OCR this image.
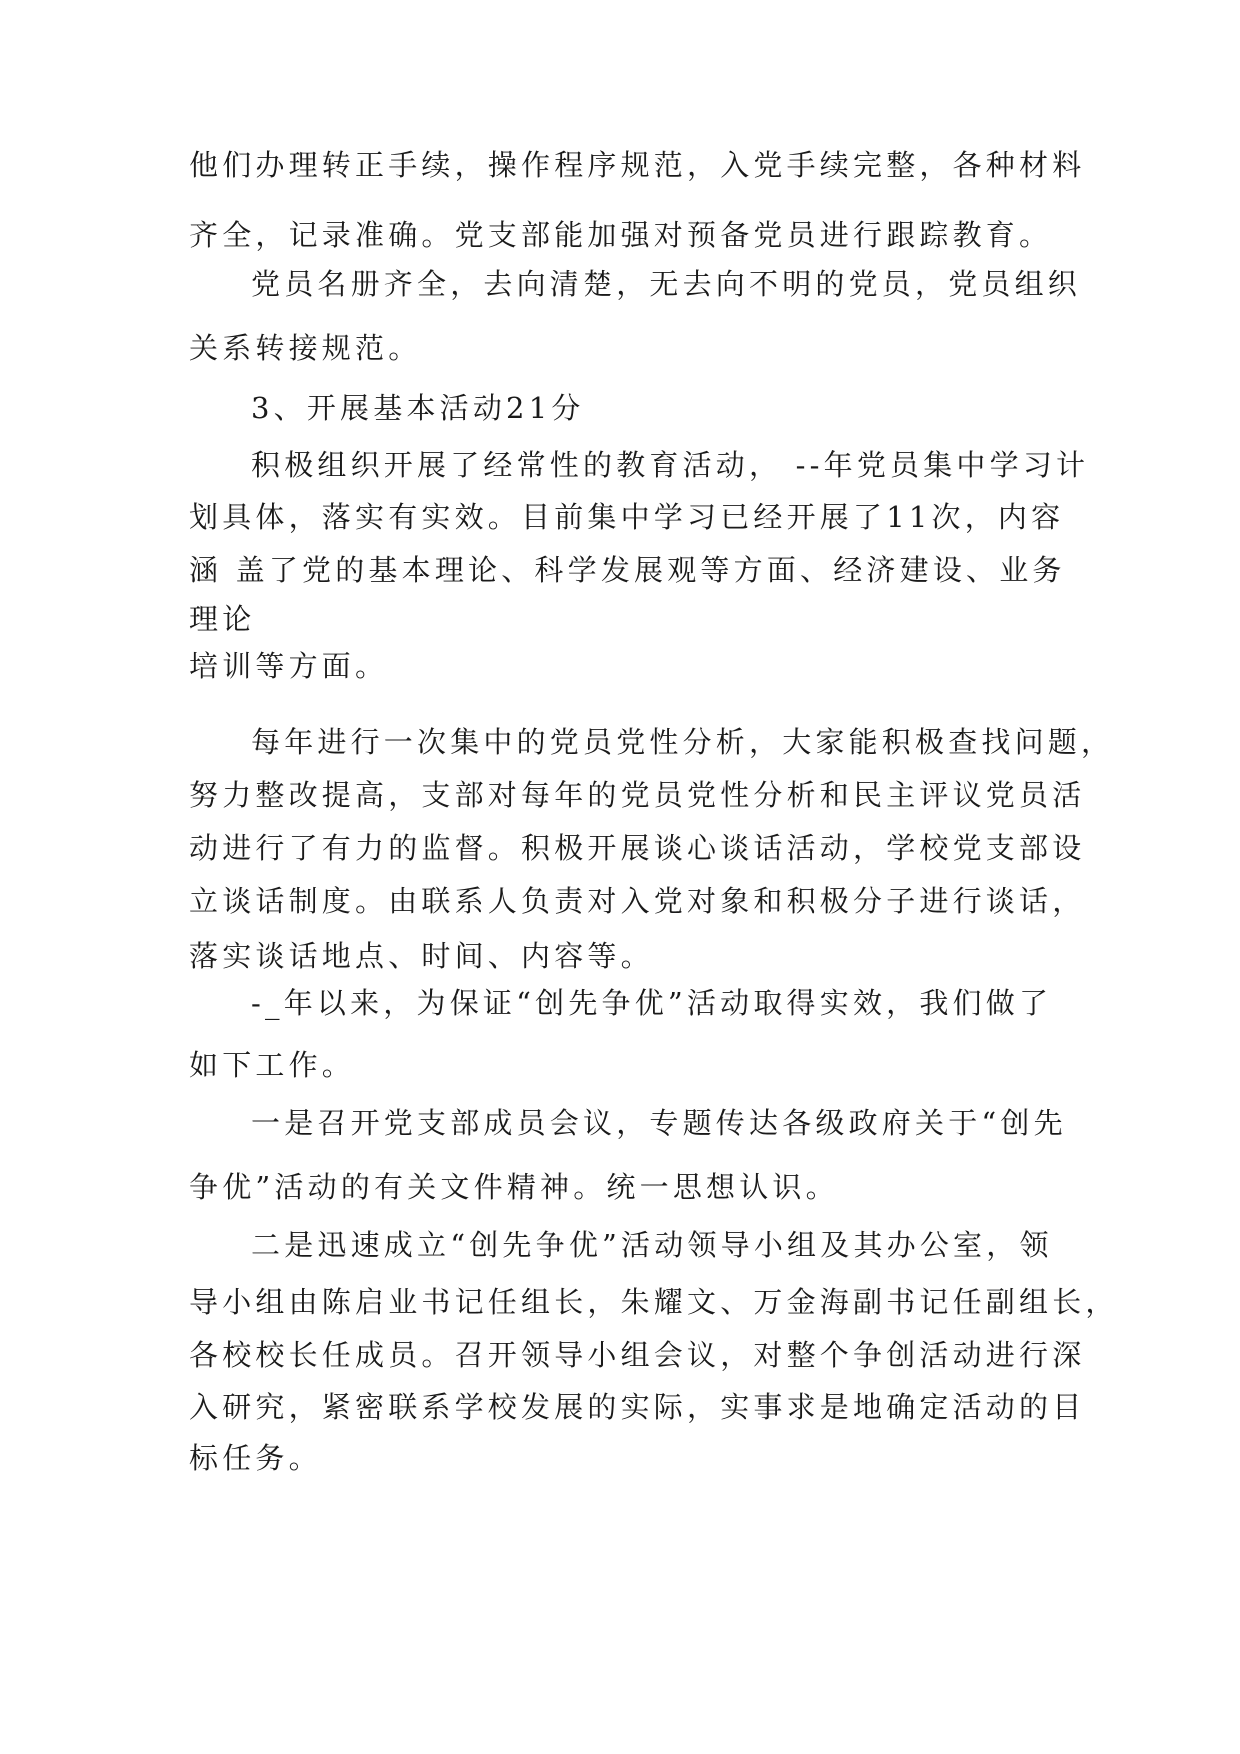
他们办理转正手续，操作程序规范，入党手续完整，各种材料
齐全，记录准确。党支部能加强对预备党员进行跟踪教育。
党员名册齐全，去向清楚，无去向不明的党员，党员组织
关系转接规范。
3、开展基本活动21分
积极组织开展了经常性的教育活动， --年党员集中学习计
划具体，落实有实效。目前集中学习已经开展了11次，内容
涵 盖了党的基本理论、科学发展观等方面、经济建设、业务
理论
培训等方面。
每年进行一次集中的党员党性分析，大家能积极查找问题，
努力整改提高，支部对每年的党员党性分析和民主评议党员活
动进行了有力的监督。积极开展谈心谈话活动，学校党支部设
立谈话制度。由联系人负责对入党对象和积极分子进行谈话，
落实谈话地点、时间、内容等。
-_年以来，为保证“创先争优”活动取得实效，我们做了
如下工作。
一是召开党支部成员会议，专题传达各级政府关于“创先
争优”活动的有关文件精神。统一思想认识。
二是迅速成立“创先争优”活动领导小组及其办公室，领
导小组由陈启业书记任组长，朱耀文、万金海副书记任副组长，
各校校长任成员。召开领导小组会议，对整个争创活动进行深
入研究，紧密联系学校发展的实际，实事求是地确定活动的目
标任务。
